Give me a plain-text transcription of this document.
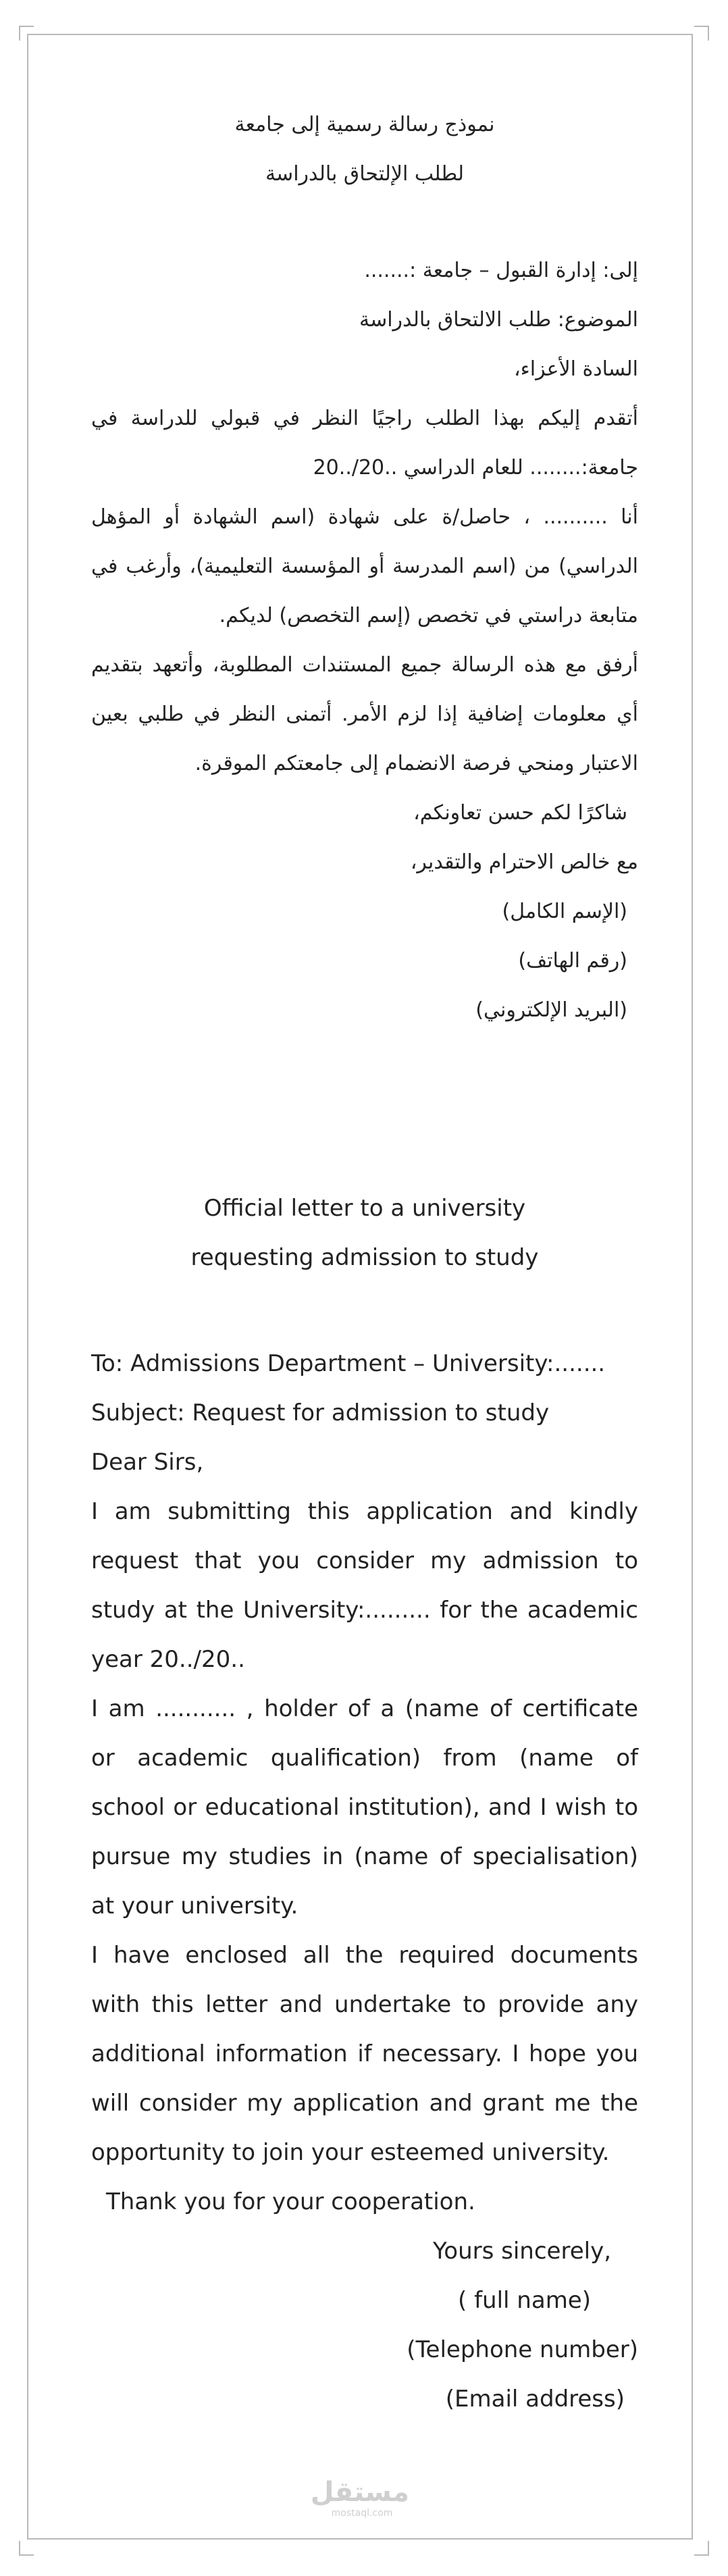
نموذج رسالة رسمية إلى جامعة

لطلب الإلتحاق بالدراسة

إلى: إدارة القبول – جامعة :.......

الموضوع: طلب الالتحاق بالدراسة

السادة الأعزاء،

أتقدم إليكم بهذا الطلب راجيًا النظر في قبولي للدراسة في جامعة:........ للعام الدراسي ..20/..20

أنا .......... ، حاصل/ة على شهادة (اسم الشهادة أو المؤهل الدراسي) من (اسم المدرسة أو المؤسسة التعليمية)، وأرغب في متابعة دراستي في تخصص (إسم التخصص) لديكم.

أرفق مع هذه الرسالة جميع المستندات المطلوبة، وأتعهد بتقديم أي معلومات إضافية إذا لزم الأمر. أتمنى النظر في طلبي بعين الاعتبار ومنحي فرصة الانضمام إلى جامعتكم الموقرة.

شاكرًا لكم حسن تعاونكم،

مع خالص الاحترام والتقدير،

(الإسم الكامل)

(رقم الهاتف)

(البريد الإلكتروني)

Official letter to a university

requesting admission to study

To: Admissions Department – University:.......

Subject: Request for admission to study

Dear Sirs,

I am submitting this application and kindly request that you consider my admission to study at the University:......... for the academic year 20../20..

I am ........... , holder of a (name of certificate or academic qualification) from (name of school or educational institution), and I wish to pursue my studies in (name of specialisation) at your university.

I have enclosed all the required documents with this letter and undertake to provide any additional information if necessary. I hope you will consider my application and grant me the opportunity to join your esteemed university.

Thank you for your cooperation.

Yours sincerely,

( full name)

(Telephone number)

(Email address)

مستقل
mostaql.com
